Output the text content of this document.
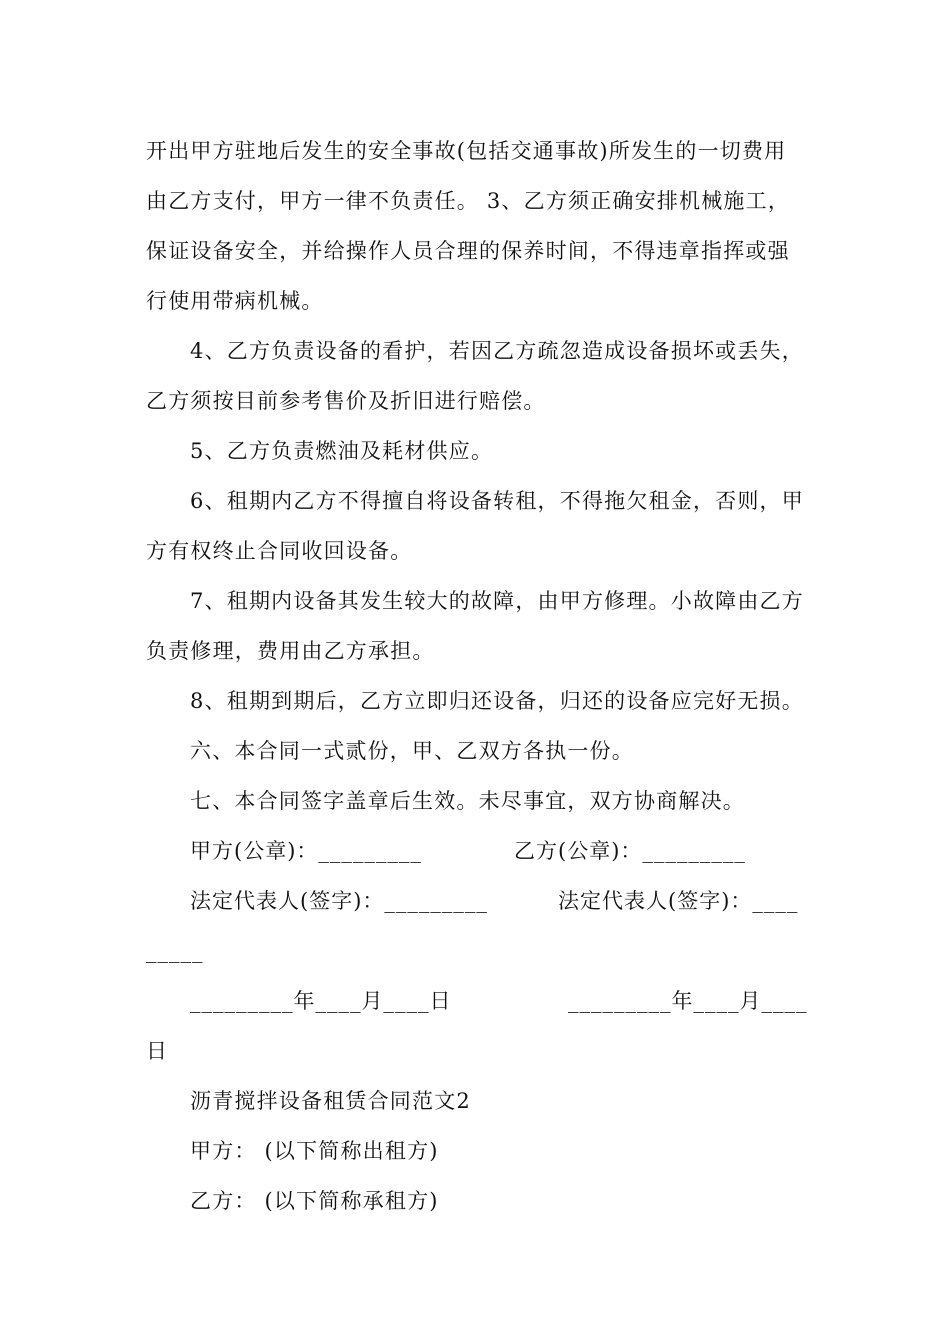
开出甲方驻地后发生的安全事故(包括交通事故)所发生的一切费用
由乙方支付，甲方一律不负责任。 3、乙方须正确安排机械施工，
保证设备安全，并给操作人员合理的保养时间，不得违章指挥或强
行使用带病机械。
4、乙方负责设备的看护，若因乙方疏忽造成设备损坏或丢失，
乙方须按目前参考售价及折旧进行赔偿。
5、乙方负责燃油及耗材供应。
6、租期内乙方不得擅自将设备转租，不得拖欠租金，否则，甲
方有权终止合同收回设备。
7、租期内设备其发生较大的故障，由甲方修理。小故障由乙方
负责修理，费用由乙方承担。
8、租期到期后，乙方立即归还设备，归还的设备应完好无损。
六、本合同一式贰份，甲、乙双方各执一份。
七、本合同签字盖章后生效。未尽事宜，双方协商解决。
甲方(公章)：_________	乙方(公章)：_________
法定代表人(签字)：_________	法定代表人(签字)：____
_____
_________年____月____日	_________年____月____
日
沥青搅拌设备租赁合同范文2
甲方： (以下简称出租方)
乙方： (以下简称承租方)
